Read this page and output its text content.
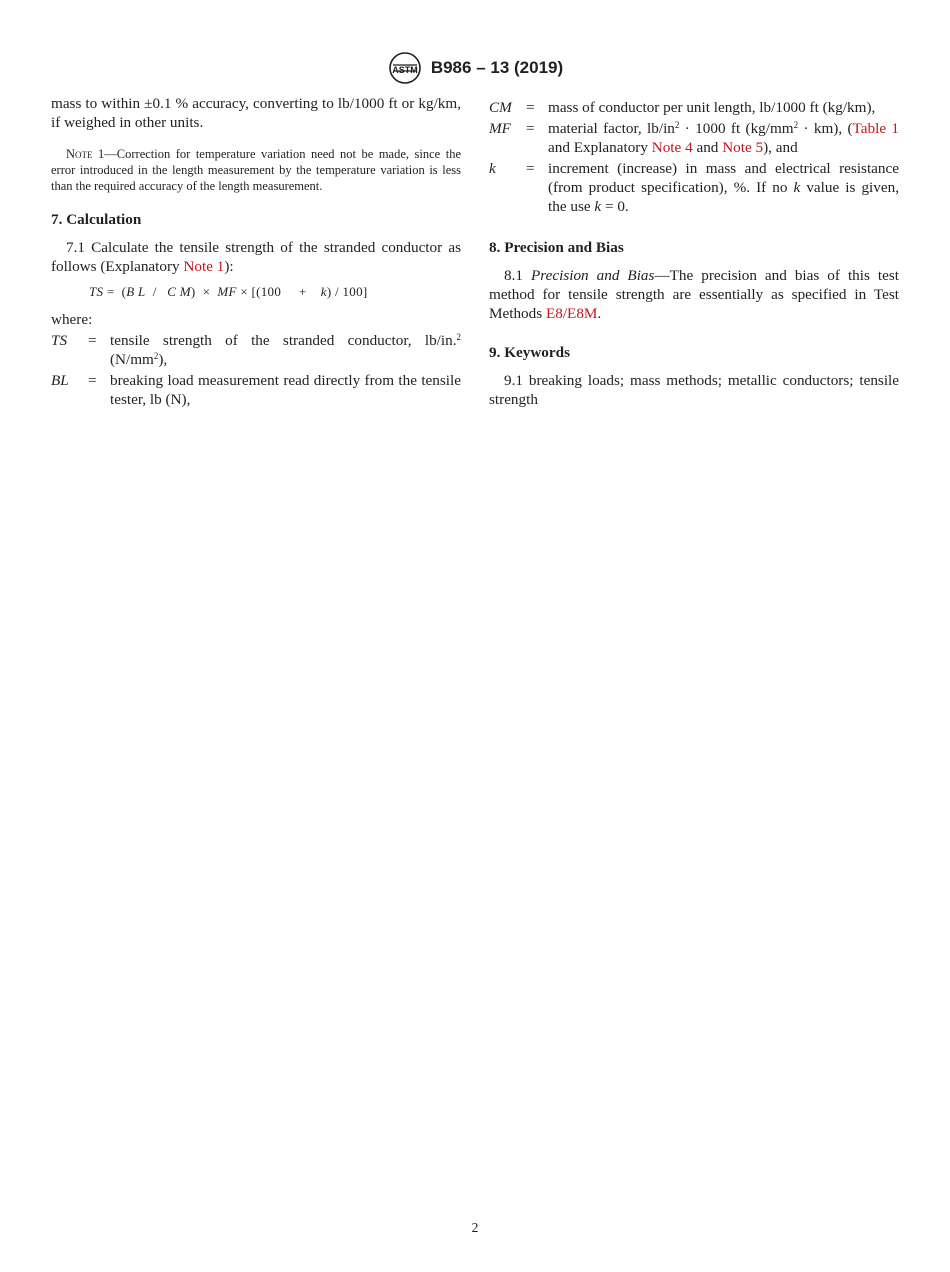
ASTM B986 – 13 (2019)

mass to within ±0.1 % accuracy, converting to lb/1000 ft or kg/km, if weighed in other units.

Note 1—Correction for temperature variation need not be made, since the error introduced in the length measurement by the temperature variation is less than the required accuracy of the length measurement.

7. Calculation

7.1 Calculate the tensile strength of the stranded conductor as follows (Explanatory Note 1):

TS =  (B L  /   C M)  ×  MF × [(100     +    k) / 100]

where:

TS	= tensile strength of the stranded conductor, lb/in.$^2$ $(N/mm^2)$,
BL	= breaking load measurement read directly from the tensile tester, lb (N),
CM = mass of conductor per unit length, lb/1000 ft (kg/km),
MF = material factor, $lb/in^2 \cdot 1000$ ft $(kg/mm^2 \cdot km)$, (Table 1 and Explanatory Note 4 and Note 5), and
k	= increment (increase) in mass and electrical resistance (from product specification), %. If no k value is given, the use k = 0.
8. Precision and Bias

8.1 Precision and Bias—The precision and bias of this test method for tensile strength are essentially as specified in Test Methods E8/E8M.

9. Keywords

9.1 breaking loads; mass methods; metallic conductors; tensile strength

2
